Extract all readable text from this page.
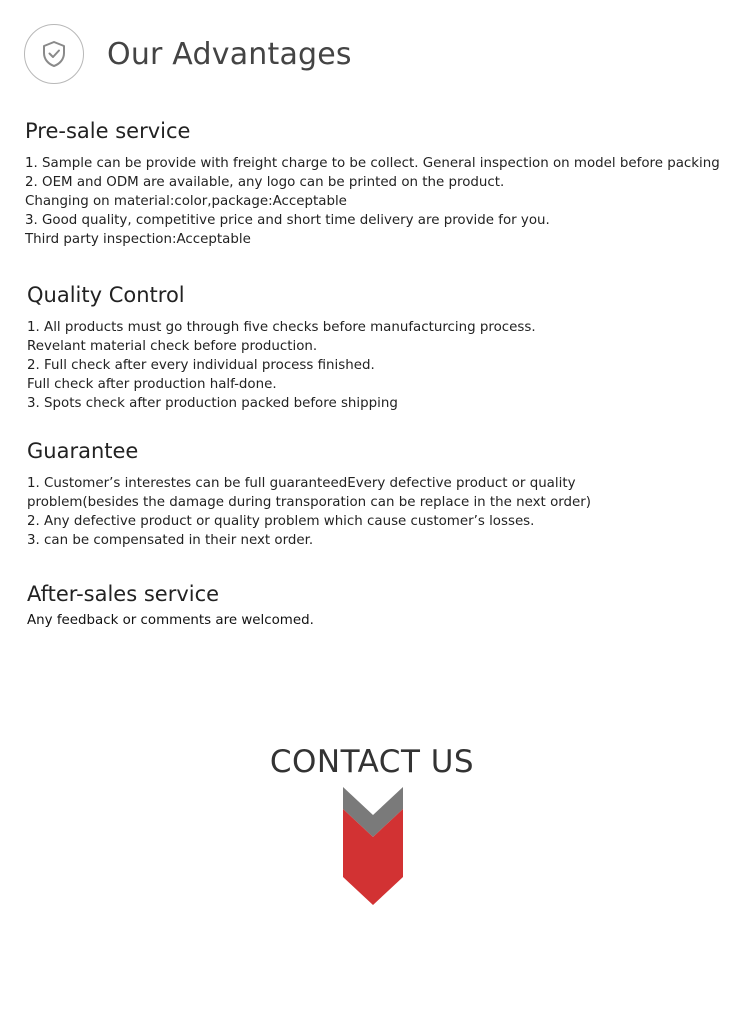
Our Advantages
Pre-sale service
1. Sample can be provide with freight charge to be collect. General inspection on model before packing
2. OEM and ODM are available, any logo can be printed on the product.
Changing on material:color,package:Acceptable
3. Good quality, competitive price and short time delivery are provide for you.
Third party inspection:Acceptable
Quality Control
1. All products must go through five checks before manufacturcing process.
Revelant material check before production.
2. Full check after every individual process finished.
Full check after production half-done.
3. Spots check after production packed before shipping
Guarantee
1. Customer’s interestes can be full guaranteedEvery defective product or quality
problem(besides the damage during transporation can be replace in the next order)
2. Any defective product or quality problem which cause customer’s losses.
3. can be compensated in their next order.
After-sales service
Any feedback or comments are welcomed.
CONTACT US
